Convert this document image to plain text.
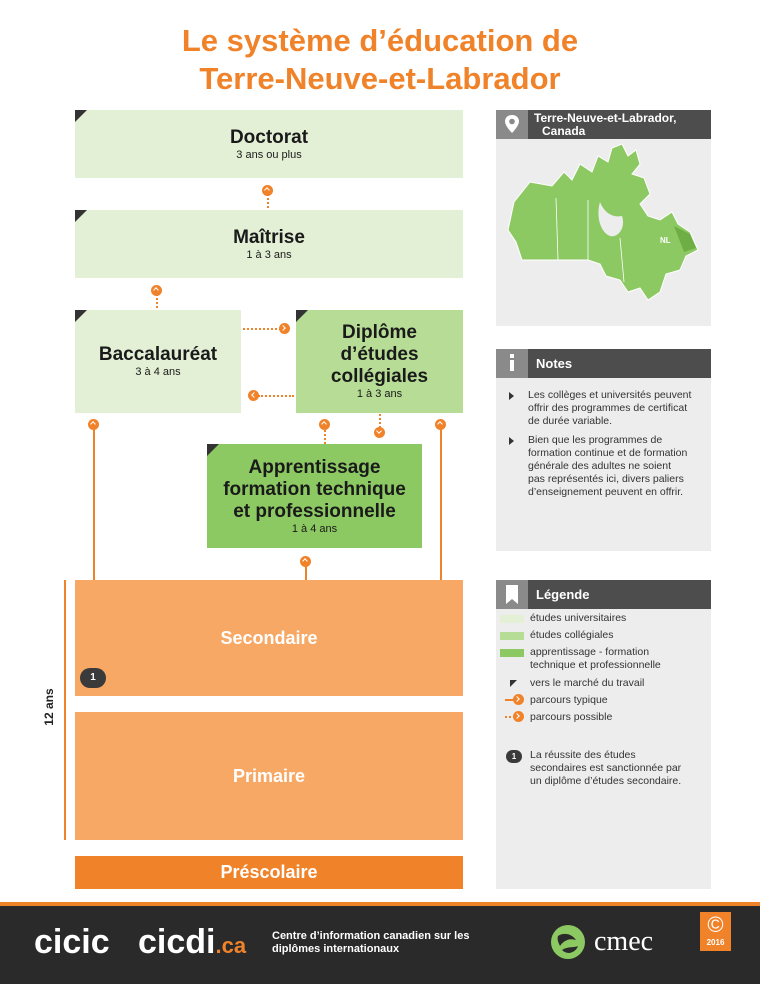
Le système d’éducation de
Terre-Neuve-et-Labrador
Doctorat
3 ans ou plus
Maîtrise
1 à 3 ans
Baccalauréat
3 à 4 ans
Diplôme
d’études
collégiales
1 à 3 ans
Apprentissage
formation technique
et professionnelle
1 à 4 ans
12 ans
Secondaire
1
Primaire
Préscolaire
Terre-Neuve-et-Labrador,
Canada
NL
Notes
Les collèges et universités peuvent
offrir des programmes de certificat
de durée variable.
Bien que les programmes de
formation continue et de formation
générale des adultes ne soient
pas représentés ici, divers paliers
d’enseignement peuvent en offrir.
Légende
études universitaires
études collégiales
apprentissage - formation
technique et professionnelle
vers le marché du travail
parcours typique
parcours possible
1	La réussite des études
secondaires est sanctionnée par
un diplôme d’études secondaire.
cicic cicdi.ca Centre d’information canadien sur les
diplômes internationaux	cmec
©
2016
